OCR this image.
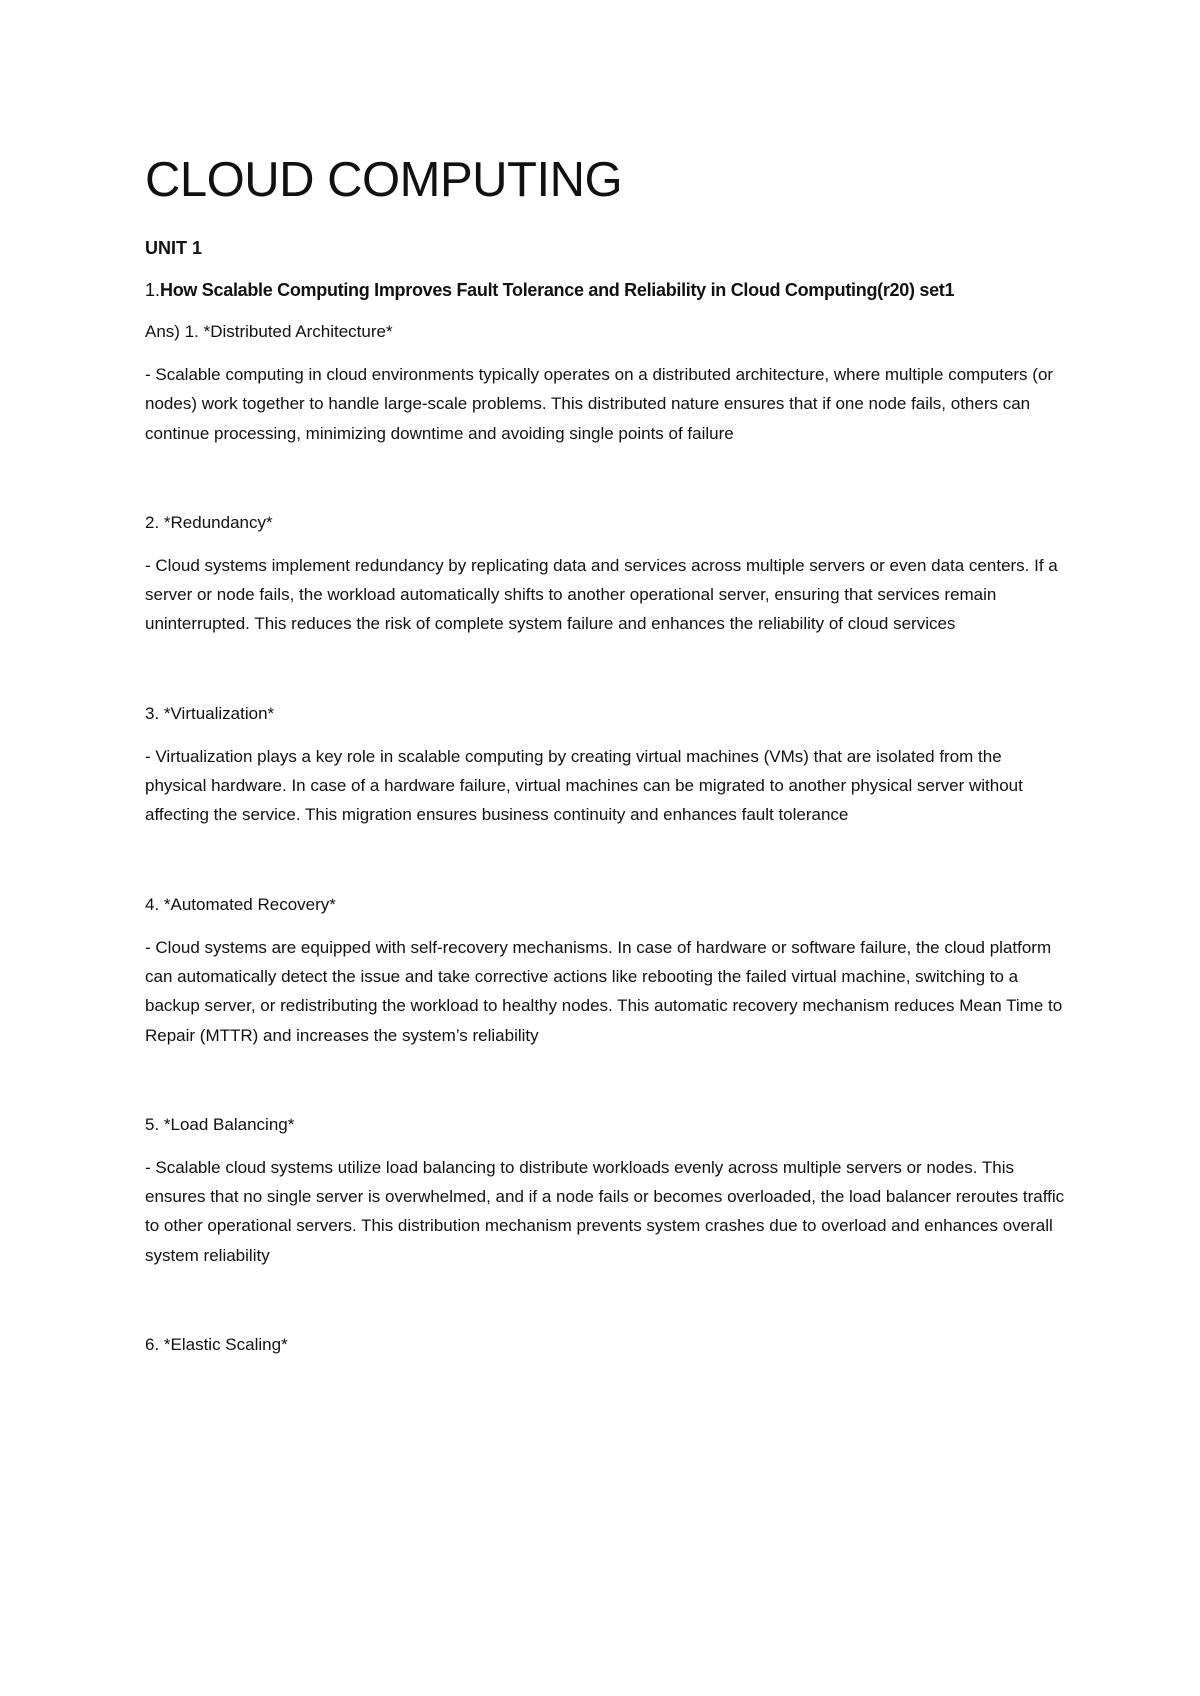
CLOUD COMPUTING
UNIT 1
1.How Scalable Computing Improves Fault Tolerance and Reliability in Cloud Computing(r20) set1
Ans) 1. *Distributed Architecture*

- Scalable computing in cloud environments typically operates on a distributed architecture, where multiple computers (or nodes) work together to handle large-scale problems. This distributed nature ensures that if one node fails, others can continue processing, minimizing downtime and avoiding single points of failure

2. *Redundancy*

- Cloud systems implement redundancy by replicating data and services across multiple servers or even data centers. If a server or node fails, the workload automatically shifts to another operational server, ensuring that services remain uninterrupted. This reduces the risk of complete system failure and enhances the reliability of cloud services

3. *Virtualization*

- Virtualization plays a key role in scalable computing by creating virtual machines (VMs) that are isolated from the physical hardware. In case of a hardware failure, virtual machines can be migrated to another physical server without affecting the service. This migration ensures business continuity and enhances fault tolerance

4. *Automated Recovery*

- Cloud systems are equipped with self-recovery mechanisms. In case of hardware or software failure, the cloud platform can automatically detect the issue and take corrective actions like rebooting the failed virtual machine, switching to a backup server, or redistributing the workload to healthy nodes. This automatic recovery mechanism reduces Mean Time to Repair (MTTR) and increases the system’s reliability

5. *Load Balancing*

- Scalable cloud systems utilize load balancing to distribute workloads evenly across multiple servers or nodes. This ensures that no single server is overwhelmed, and if a node fails or becomes overloaded, the load balancer reroutes traffic to other operational servers. This distribution mechanism prevents system crashes due to overload and enhances overall system reliability

6. *Elastic Scaling*
